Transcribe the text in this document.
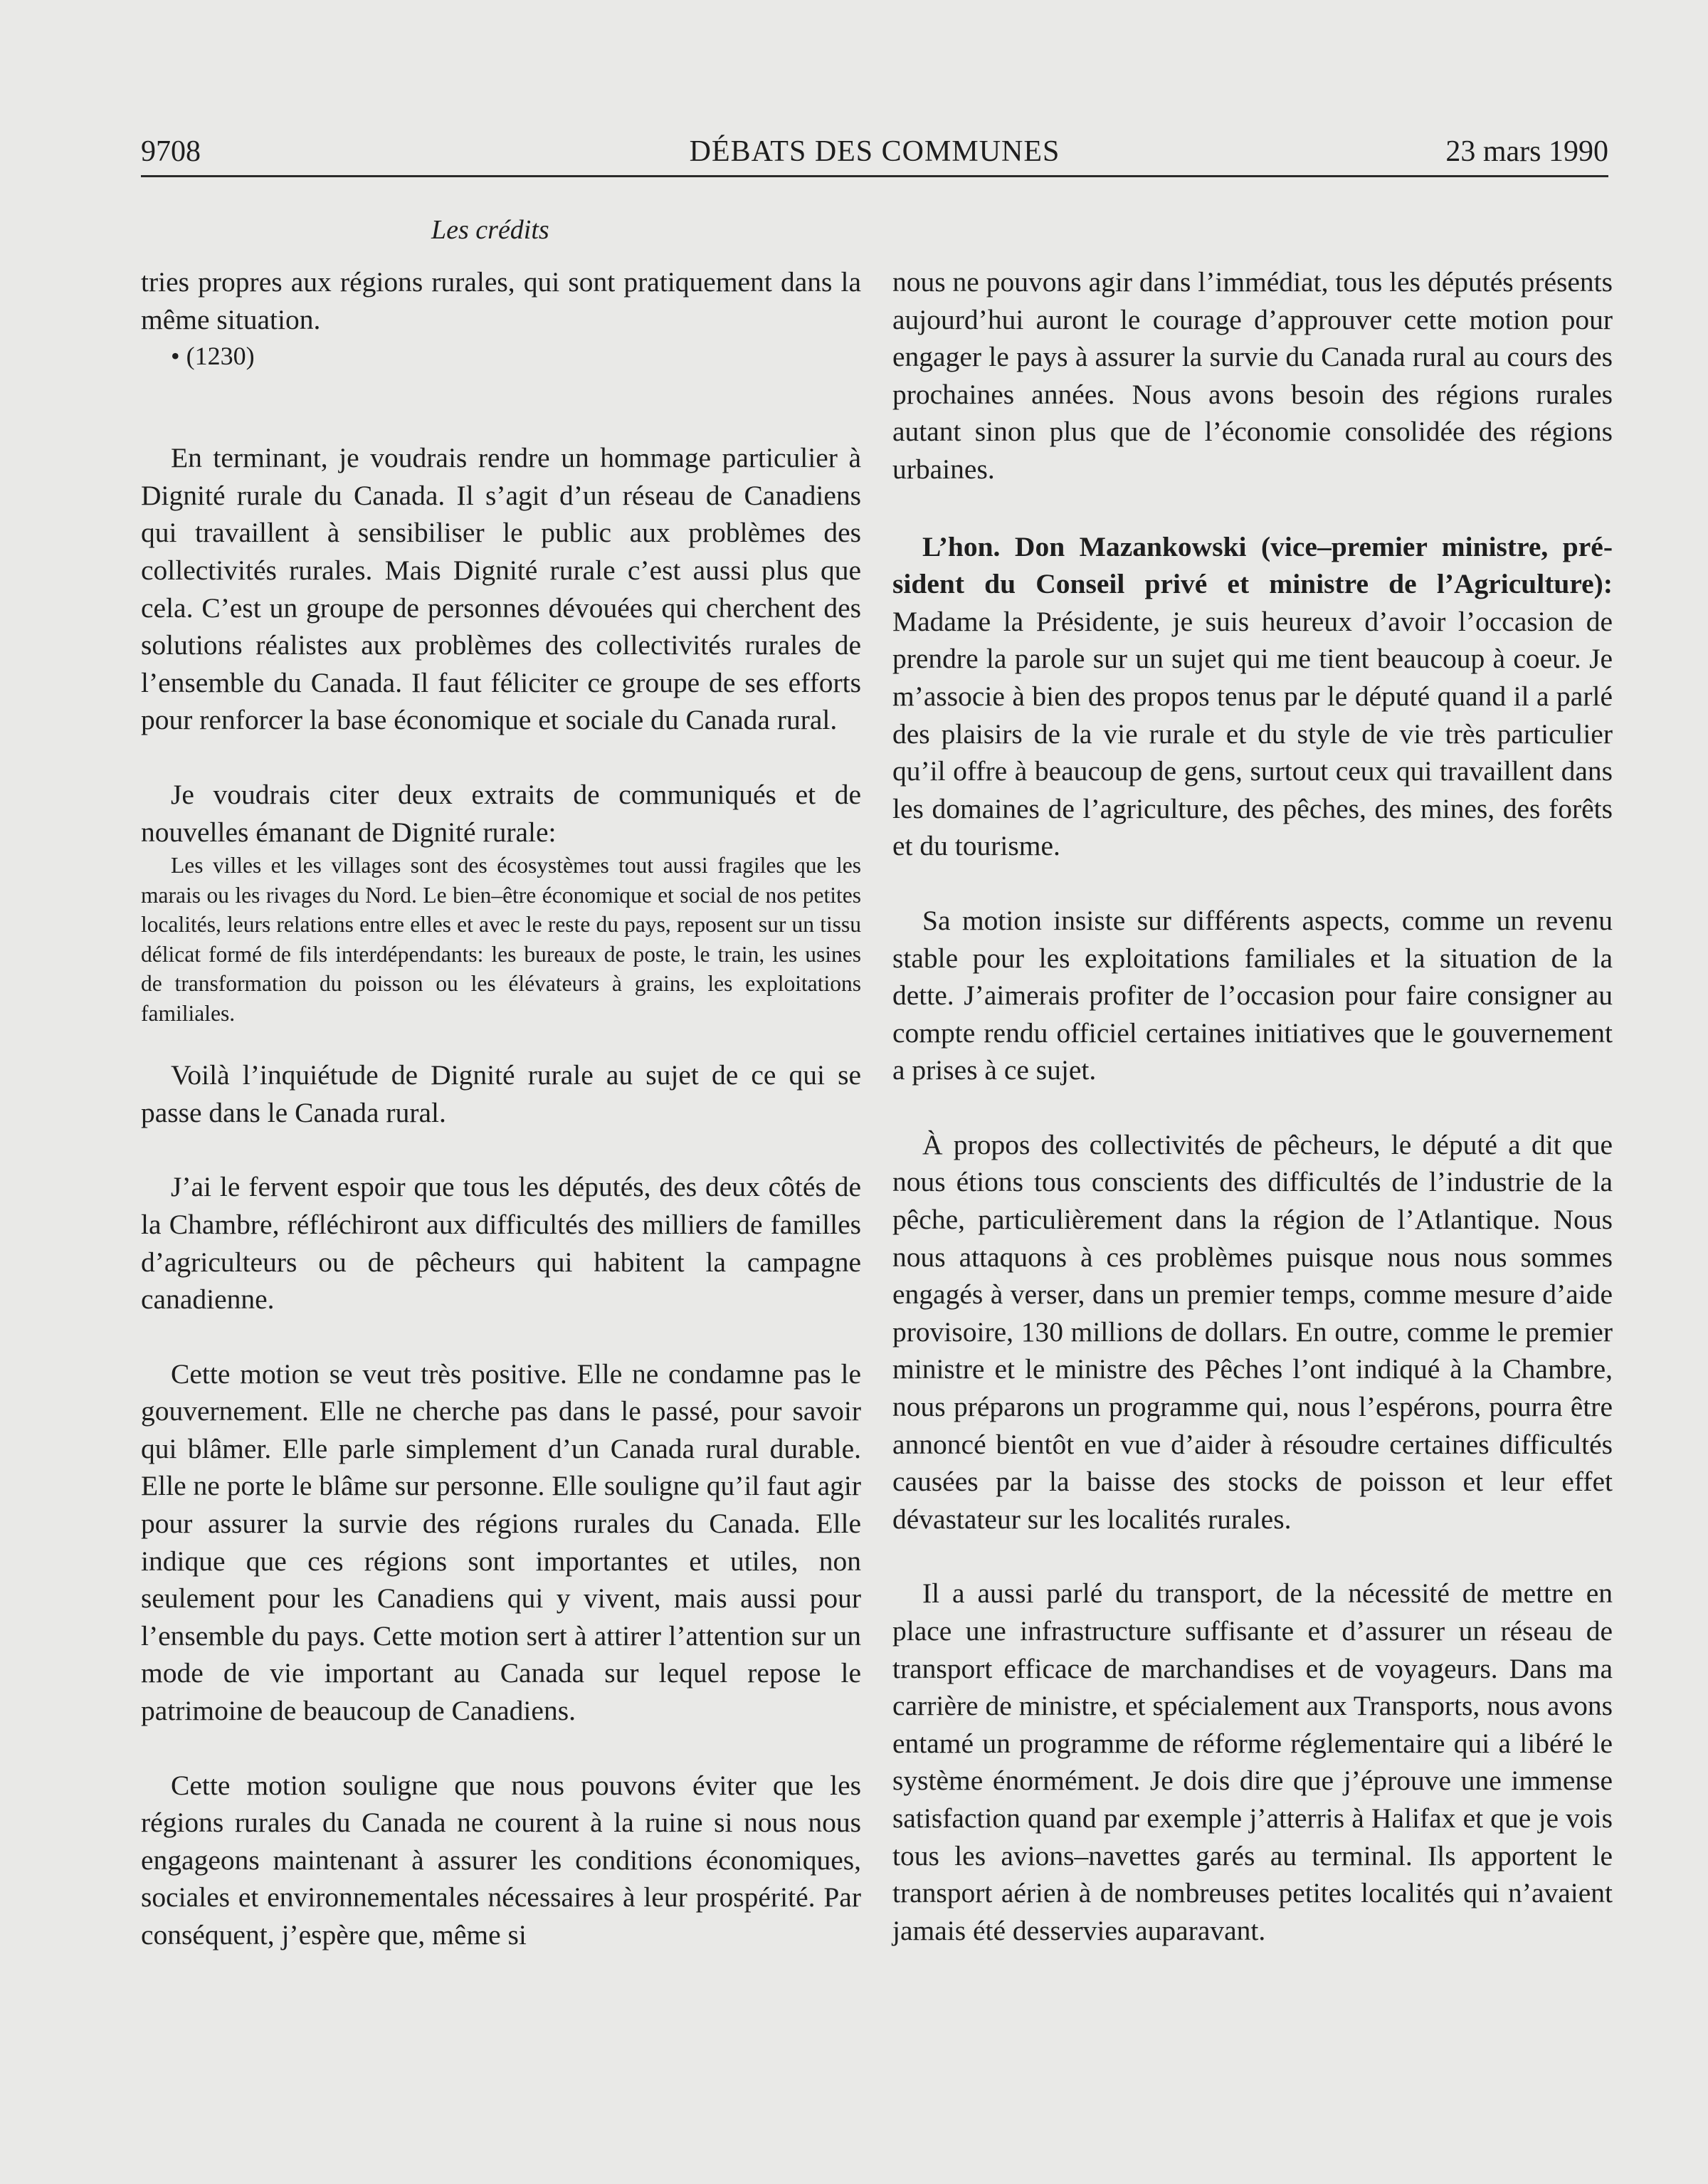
9708	DÉBATS DES COMMUNES	23 mars 1990
Les crédits

tries propres aux régions rurales, qui sont pratiquement dans la même situation.

• (1230)

En terminant, je voudrais rendre un hommage particulier à Dignité rurale du Canada. Il s’agit d’un réseau de Canadiens qui travaillent à sensibiliser le public aux problèmes des collectivités rurales. Mais Dignité rurale c’est aussi plus que cela. C’est un groupe de personnes dévouées qui cherchent des solutions réalistes aux problèmes des collectivités rurales de l’ensemble du Canada. Il faut féliciter ce groupe de ses efforts pour renforcer la base économique et sociale du Canada rural.

Je voudrais citer deux extraits de communiqués et de nouvelles émanant de Dignité rurale:

Les villes et les villages sont des écosystèmes tout aussi fragiles que les marais ou les rivages du Nord. Le bien–être économique et social de nos petites localités, leurs relations entre elles et avec le reste du pays, reposent sur un tissu délicat formé de fils interdépendants: les bureaux de poste, le train, les usines de transformation du poisson ou les élévateurs à grains, les exploitations familiales.

Voilà l’inquiétude de Dignité rurale au sujet de ce qui se passe dans le Canada rural.

J’ai le fervent espoir que tous les députés, des deux côtés de la Chambre, réfléchiront aux difficultés des milliers de familles d’agriculteurs ou de pêcheurs qui habitent la campagne canadienne.

Cette motion se veut très positive. Elle ne condamne pas le gouvernement. Elle ne cherche pas dans le passé, pour savoir qui blâmer. Elle parle simplement d’un Canada rural durable. Elle ne porte le blâme sur personne. Elle souligne qu’il faut agir pour assurer la survie des régions rurales du Canada. Elle indique que ces régions sont importantes et utiles, non seulement pour les Canadiens qui y vivent, mais aussi pour l’ensemble du pays. Cette motion sert à attirer l’attention sur un mode de vie important au Canada sur lequel repose le patrimoine de beaucoup de Canadiens.

Cette motion souligne que nous pouvons éviter que les régions rurales du Canada ne courent à la ruine si nous nous engageons maintenant à assurer les conditions économiques, sociales et environnementales nécessaires à leur prospérité. Par conséquent, j’espère que, même si

nous ne pouvons agir dans l’immédiat, tous les députés présents aujourd’hui auront le courage d’approuver cette motion pour engager le pays à assurer la survie du Canada rural au cours des prochaines années. Nous avons besoin des régions rurales autant sinon plus que de l’économie consolidée des régions urbaines.

L’hon. Don Mazankowski (vice–premier ministre, président du Conseil privé et ministre de l’Agriculture): Madame la Présidente, je suis heureux d’avoir l’occasion de prendre la parole sur un sujet qui me tient beaucoup à coeur. Je m’associe à bien des propos tenus par le député quand il a parlé des plaisirs de la vie rurale et du style de vie très particulier qu’il offre à beaucoup de gens, surtout ceux qui travaillent dans les domaines de l’agriculture, des pêches, des mines, des forêts et du tourisme.

Sa motion insiste sur différents aspects, comme un revenu stable pour les exploitations familiales et la situation de la dette. J’aimerais profiter de l’occasion pour faire consigner au compte rendu officiel certaines initiatives que le gouvernement a prises à ce sujet.

À propos des collectivités de pêcheurs, le député a dit que nous étions tous conscients des difficultés de l’industrie de la pêche, particulièrement dans la région de l’Atlantique. Nous nous attaquons à ces problèmes puisque nous nous sommes engagés à verser, dans un premier temps, comme mesure d’aide provisoire, 130 millions de dollars. En outre, comme le premier ministre et le ministre des Pêches l’ont indiqué à la Chambre, nous préparons un programme qui, nous l’espérons, pourra être annoncé bientôt en vue d’aider à résoudre certaines difficultés causées par la baisse des stocks de poisson et leur effet dévastateur sur les localités rurales.

Il a aussi parlé du transport, de la nécessité de mettre en place une infrastructure suffisante et d’assurer un réseau de transport efficace de marchandises et de voyageurs. Dans ma carrière de ministre, et spécialement aux Transports, nous avons entamé un programme de réforme réglementaire qui a libéré le système énormément. Je dois dire que j’éprouve une immense satisfaction quand par exemple j’atterris à Halifax et que je vois tous les avions–navettes garés au terminal. Ils apportent le transport aérien à de nombreuses petites localités qui n’avaient jamais été desservies auparavant.
